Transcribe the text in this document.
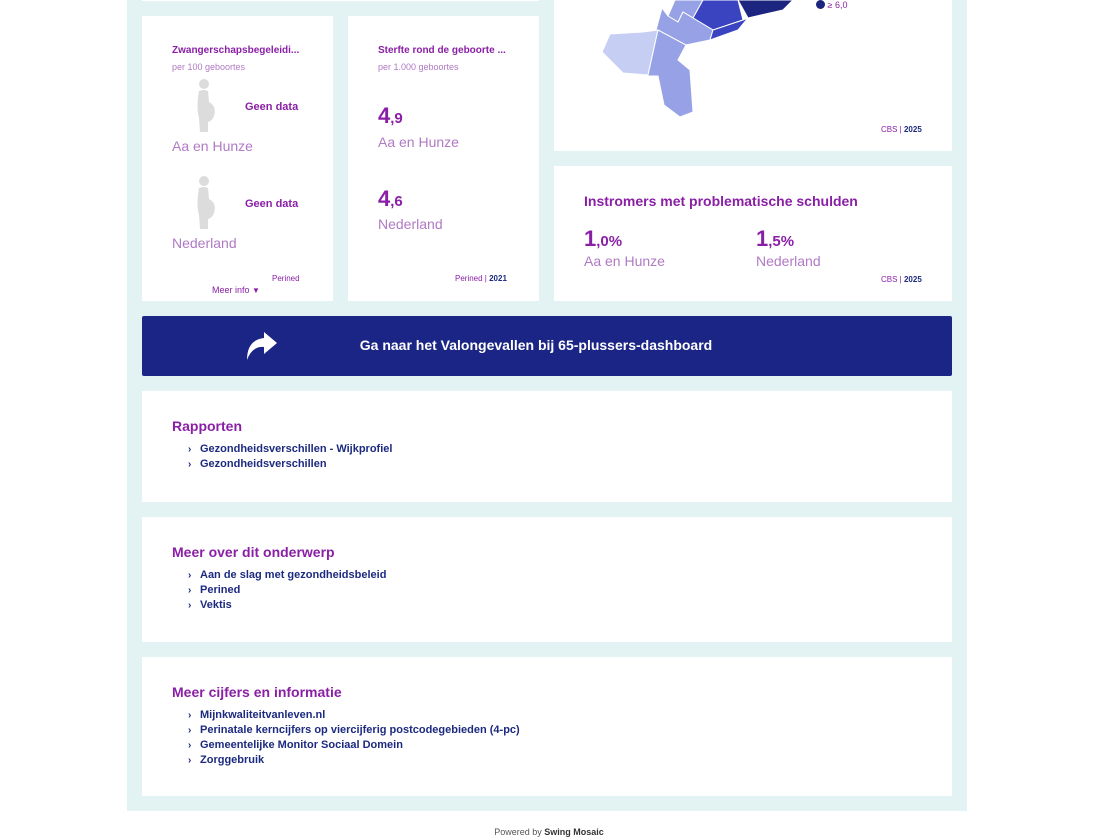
Zwangerschapsbegeleidi...
per 100 geboortes
Geen data
Aa en Hunze
Geen data
Nederland
Perined
Meer info ▼
Sterfte rond de geboorte ...
per 1.000 geboortes
4,9
Aa en Hunze
4,6
Nederland
Perined | 2021
≥ 6,0
CBS | 2025
Instromers met problematische schulden
1,0%
Aa en Hunze
1,5%
Nederland
CBS | 2025
Ga naar het Valongevallen bij 65-plussers-dashboard
Rapporten
› Gezondheidsverschillen - Wijkprofiel
› Gezondheidsverschillen
Meer over dit onderwerp
› Aan de slag met gezondheidsbeleid
› Perined
› Vektis
Meer cijfers en informatie
› Mijnkwaliteitvanleven.nl
› Perinatale kerncijfers op viercijferig postcodegebieden (4-pc)
› Gemeentelijke Monitor Sociaal Domein
› Zorggebruik
Powered by Swing Mosaic
